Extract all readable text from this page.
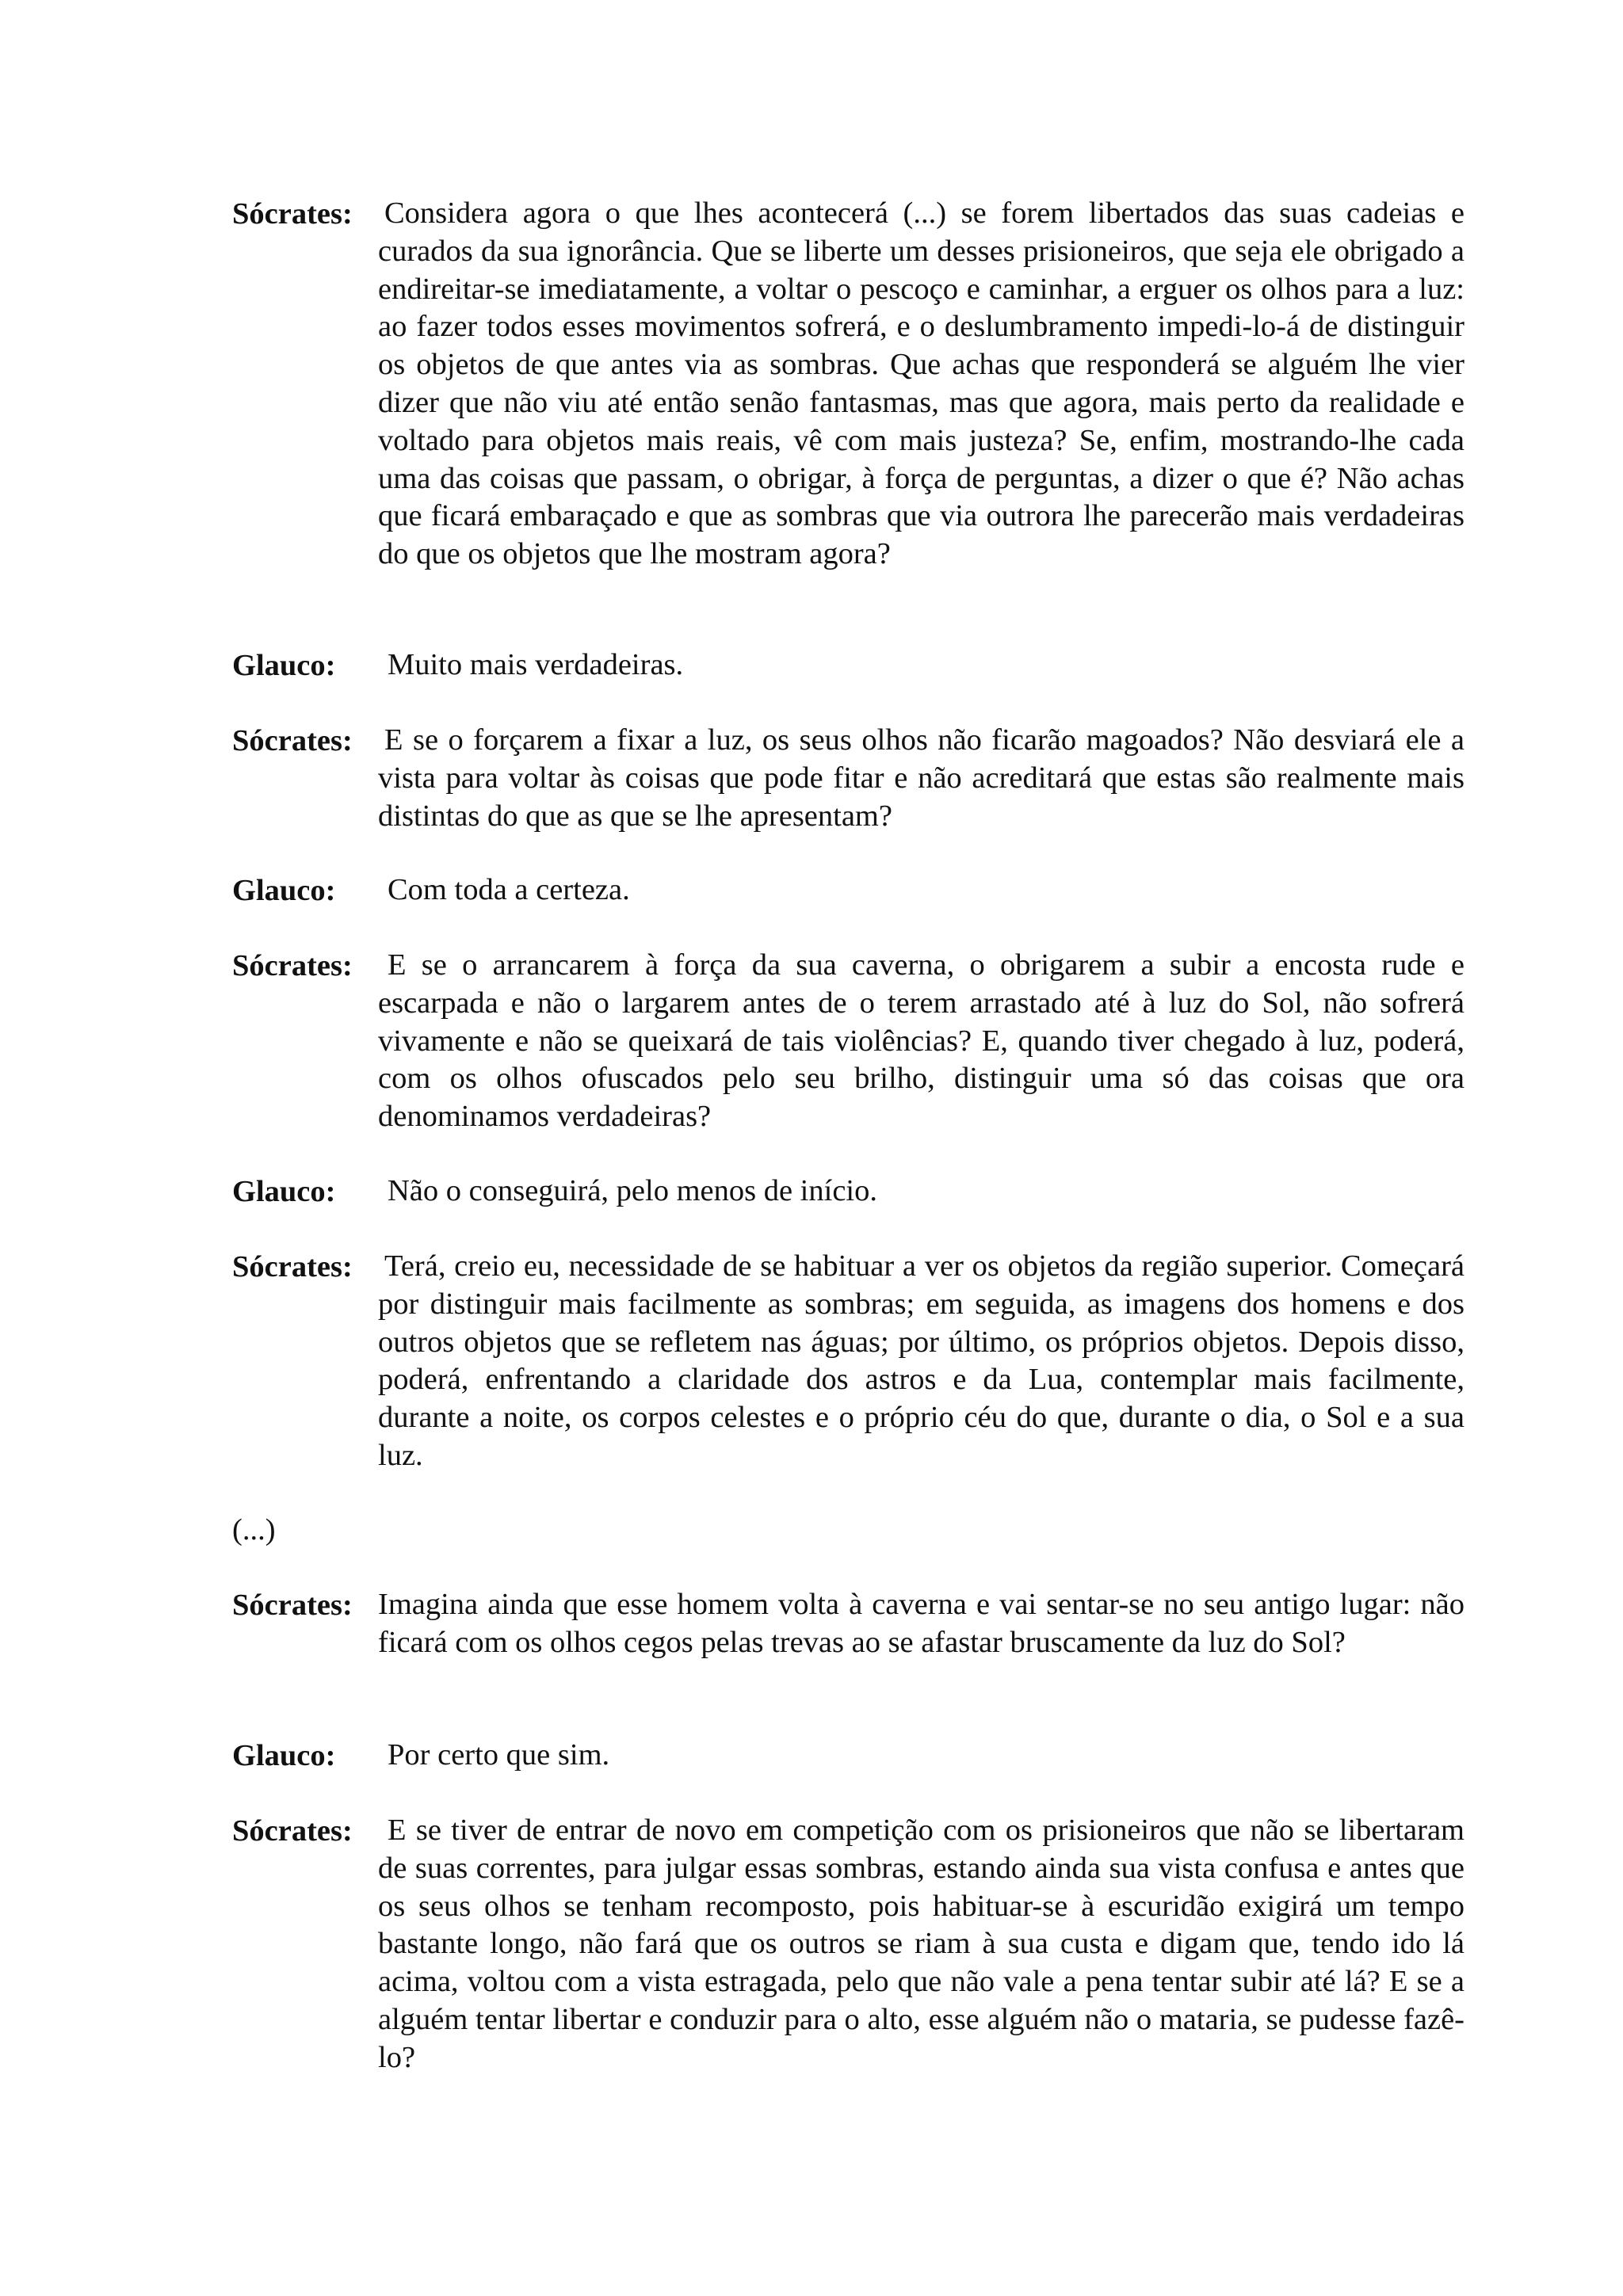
Sócrates: Considera agora o que lhes acontecerá (...) se forem libertados das suas cadeias e curados da sua ignorância. Que se liberte um desses prisioneiros, que seja ele obrigado a endireitar-se imediatamente, a voltar o pescoço e caminhar, a erguer os olhos para a luz: ao fazer todos esses movimentos sofrerá, e o deslumbramento impedi-lo-á de distinguir os objetos de que antes via as sombras. Que achas que responderá se alguém lhe vier dizer que não viu até então senão fantasmas, mas que agora, mais perto da realidade e voltado para objetos mais reais, vê com mais justeza? Se, enfim, mostrando-lhe cada uma das coisas que passam, o obrigar, à força de perguntas, a dizer o que é? Não achas que ficará embaraçado e que as sombras que via outrora lhe parecerão mais verdadeiras do que os objetos que lhe mostram agora?
Glauco:	Muito mais verdadeiras.
Sócrates: E se o forçarem a fixar a luz, os seus olhos não ficarão magoados? Não desviará ele a vista para voltar às coisas que pode fitar e não acreditará que estas são realmente mais distintas do que as que se lhe apresentam?
Glauco:	Com toda a certeza.
Sócrates:	E se o arrancarem à força da sua caverna, o obrigarem a subir a encosta rude e escarpada e não o largarem antes de o terem arrastado até à luz do Sol, não sofrerá vivamente e não se queixará de tais violências? E, quando tiver chegado à luz, poderá, com os olhos ofuscados pelo seu brilho, distinguir uma só das coisas que ora denominamos verdadeiras?
Glauco:	Não o conseguirá, pelo menos de início.
Sócrates: Terá, creio eu, necessidade de se habituar a ver os objetos da região superior. Começará por distinguir mais facilmente as sombras; em seguida, as imagens dos homens e dos outros objetos que se refletem nas águas; por último, os próprios objetos. Depois disso, poderá, enfrentando a claridade dos astros e da Lua, contemplar mais facilmente, durante a noite, os corpos celestes e o próprio céu do que, durante o dia, o Sol e a sua luz.
(...)
Sócrates: Imagina ainda que esse homem volta à caverna e vai sentar-se no seu antigo lugar: não ficará com os olhos cegos pelas trevas ao se afastar bruscamente da luz do Sol?
Glauco:	Por certo que sim.
Sócrates:	E se tiver de entrar de novo em competição com os prisioneiros que não se libertaram de suas correntes, para julgar essas sombras, estando ainda sua vista confusa e antes que os seus olhos se tenham recomposto, pois habituar-se à escuridão exigirá um tempo bastante longo, não fará que os outros se riam à sua custa e digam que, tendo ido lá acima, voltou com a vista estragada, pelo que não vale a pena tentar subir até lá? E se a alguém tentar libertar e conduzir para o alto, esse alguém não o mataria, se pudesse fazê-lo?
